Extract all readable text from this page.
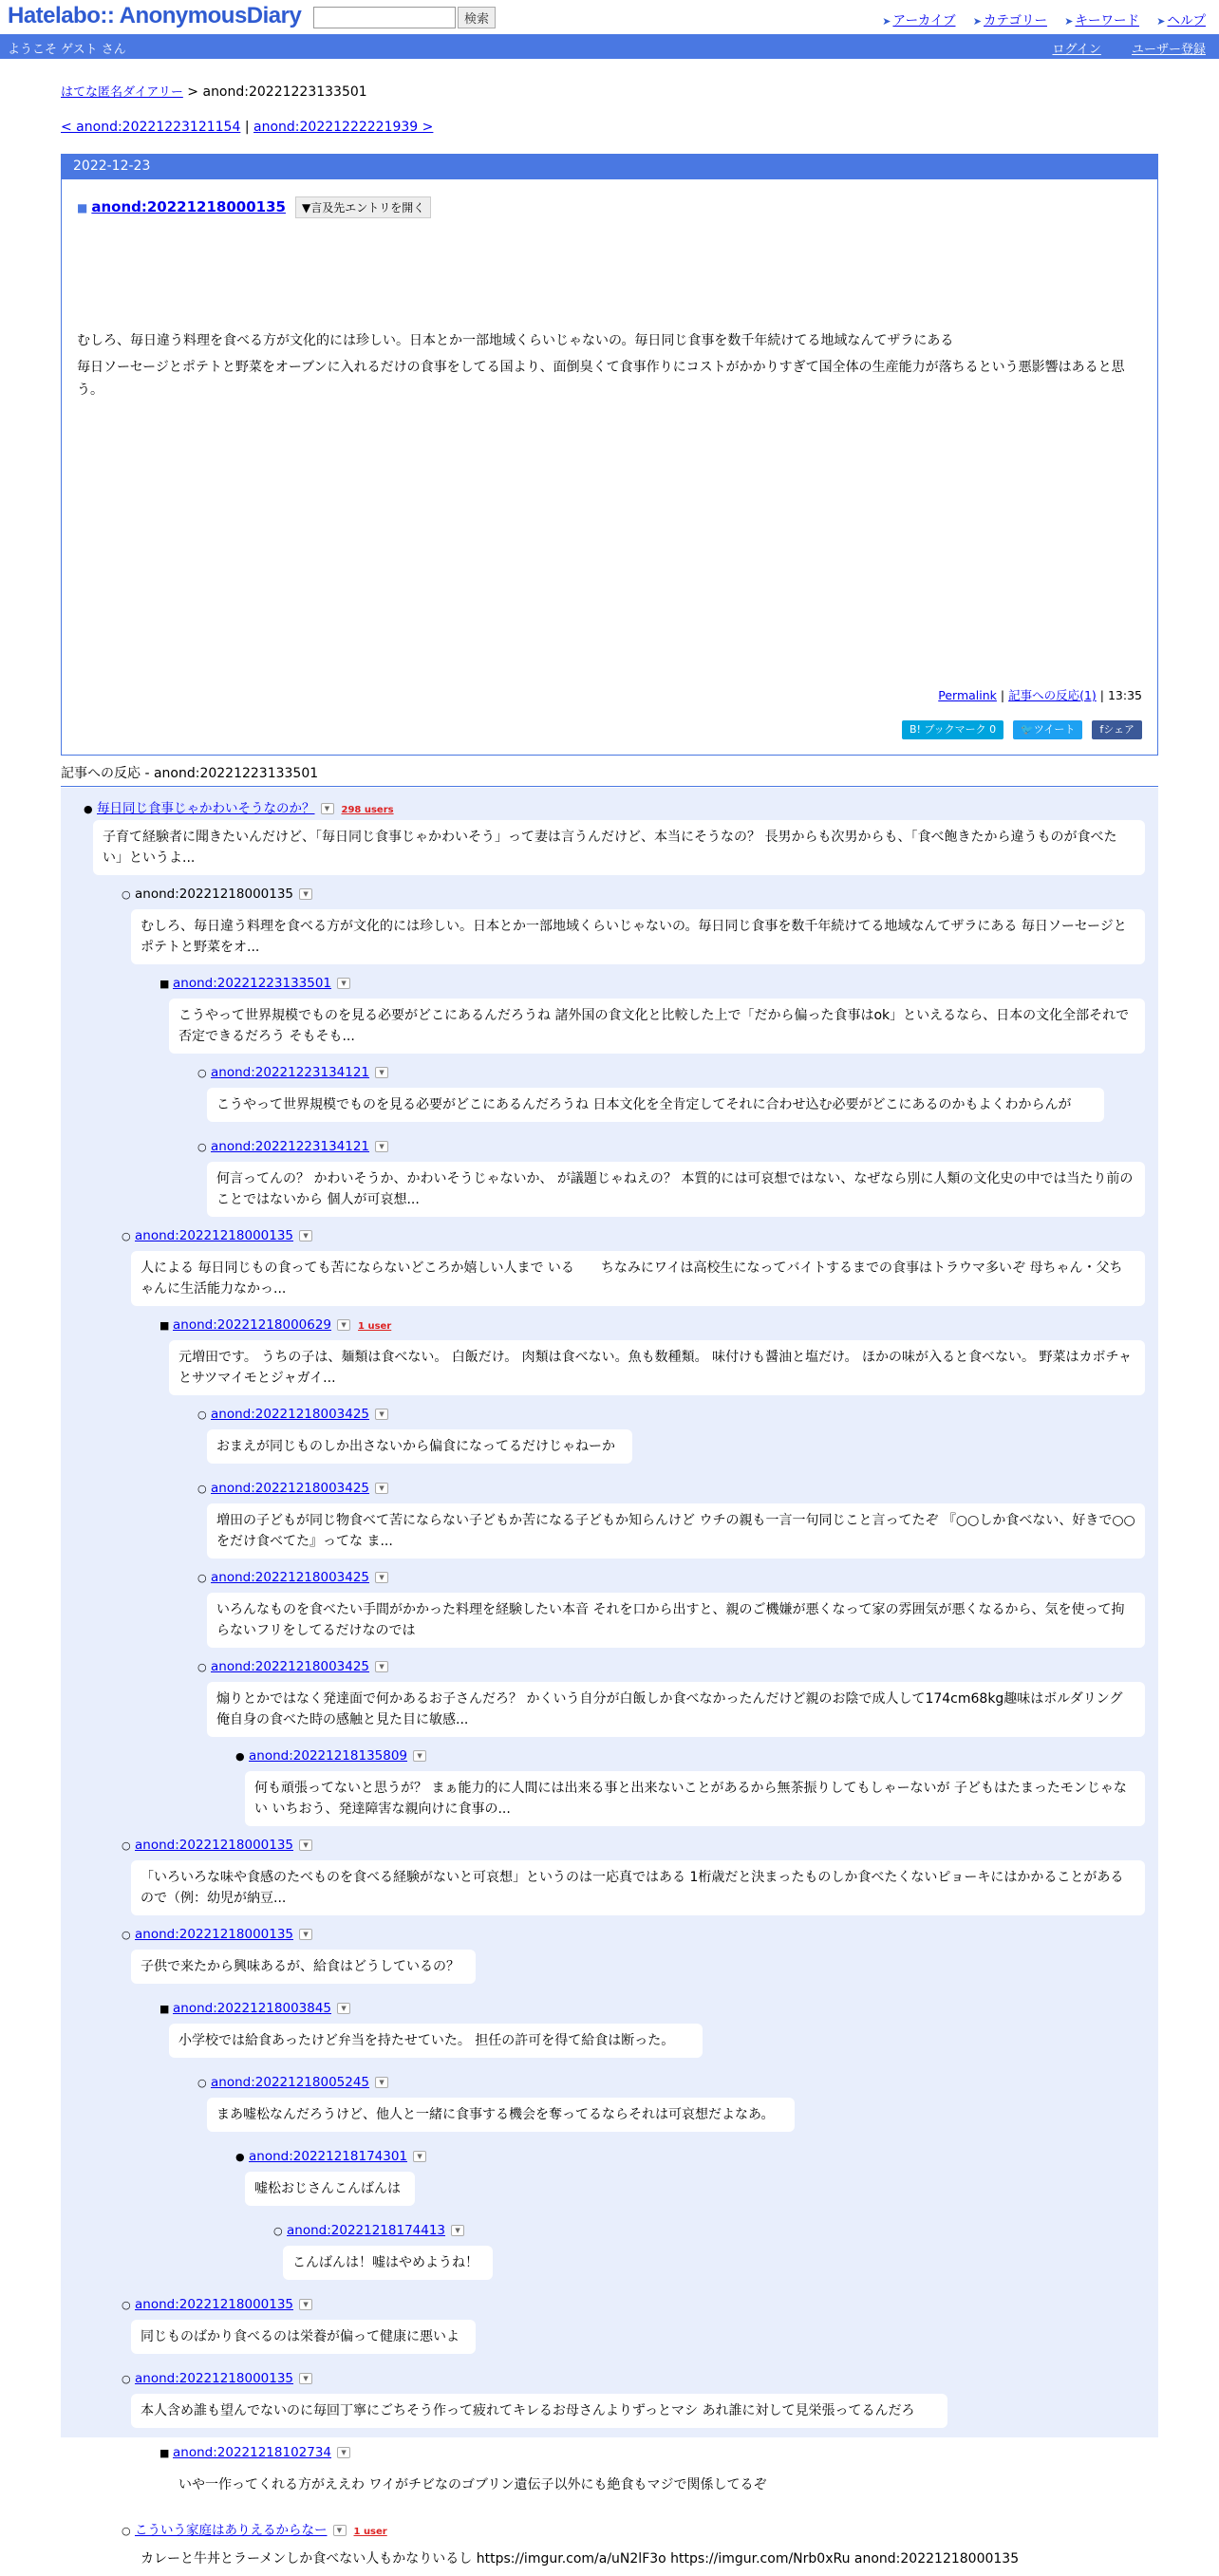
Hatelabo:: AnonymousDiary	検索	➤ アーカイブ ➤ カテゴリー ➤ キーワード ➤ ヘルプ
ようこそ ゲスト さん	ログイン ユーザー登録
はてな匿名ダイアリー > anond:20221223133501
< anond:20221223121154 | anond:20221222221939 >
2022-12-23
■ anond:20221218000135 ▼言及先エントリを開く

むしろ、毎日違う料理を食べる方が文化的には珍しい。日本とか一部地域くらいじゃないの。毎日同じ食事を数千年続けてる地域なんてザラにある

毎日ソーセージとポテトと野菜をオーブンに入れるだけの食事をしてる国より、面倒臭くて食事作りにコストがかかりすぎて国全体の生産能力が落ちるという悪影響はあると思う。

Permalink | 記事への反応(1) | 13:35
B! ブックマーク 0 🐦ツイート fシェア
記事への反応 - anond:20221223133501
● 毎日同じ食事じゃかわいそうなのか？ ▼ 298 users
子育て経験者に聞きたいんだけど、「毎日同じ食事じゃかわいそう」って妻は言うんだけど、本当にそうなの？ 長男からも次男からも、「食べ飽きたから違うものが食べたい」というよ...
○ anond:20221218000135 ▼
むしろ、毎日違う料理を食べる方が文化的には珍しい。日本とか一部地域くらいじゃないの。毎日同じ食事を数千年続けてる地域なんてザラにある 毎日ソーセージとポテトと野菜をオ...
■ anond:20221223133501 ▼
こうやって世界規模でものを見る必要がどこにあるんだろうね 諸外国の食文化と比較した上で「だから偏った食事はok」といえるなら、日本の文化全部それで否定できるだろう そもそも...
○ anond:20221223134121 ▼
こうやって世界規模でものを見る必要がどこにあるんだろうね 日本文化を全肯定してそれに合わせ込む必要がどこにあるのかもよくわからんが
○ anond:20221223134121 ▼
何言ってんの？ かわいそうか、かわいそうじゃないか、 が議題じゃねえの？ 本質的には可哀想ではない、なぜなら別に人類の文化史の中では当たり前のことではないから 個人が可哀想...
○ anond:20221218000135 ▼
人による 毎日同じもの食っても苦にならないどころか嬉しい人まで いる　　ちなみにワイは高校生になってバイトするまでの食事はトラウマ多いぞ 母ちゃん・父ちゃんに生活能力なかっ...
■ anond:20221218000629 ▼ 1 user
元増田です。 うちの子は、麺類は食べない。 白飯だけ。 肉類は食べない。魚も数種類。 味付けも醤油と塩だけ。 ほかの味が入ると食べない。 野菜はカボチャとサツマイモとジャガイ...
○ anond:20221218003425 ▼
おまえが同じものしか出さないから偏食になってるだけじゃねーか
○ anond:20221218003425 ▼
増田の子どもが同じ物食べて苦にならない子どもか苦になる子どもか知らんけど ウチの親も一言一句同じこと言ってたぞ 『○○しか食べない、好きで○○をだけ食べてた』ってな ま...
○ anond:20221218003425 ▼
いろんなものを食べたい手間がかかった料理を経験したい本音 それを口から出すと、親のご機嫌が悪くなって家の雰囲気が悪くなるから、気を使って拘らないフリをしてるだけなのでは
○ anond:20221218003425 ▼
煽りとかではなく発達面で何かあるお子さんだろ？ かくいう自分が白飯しか食べなかったんだけど親のお陰で成人して174cm68kg趣味はボルダリング 俺自身の食べた時の感触と見た目に敏感...
● anond:20221218135809 ▼
何も頑張ってないと思うが？ まぁ能力的に人間には出来る事と出来ないことがあるから無茶振りしてもしゃーないが 子どもはたまったモンじゃない いちおう、発達障害な親向けに食事の...
○ anond:20221218000135 ▼
「いろいろな味や食感のたべものを食べる経験がないと可哀想」というのは一応真ではある 1桁歳だと決まったものしか食べたくないピョーキにはかかることがあるので（例：幼児が納豆...
○ anond:20221218000135 ▼
子供で来たから興味あるが、給食はどうしているの？
■ anond:20221218003845 ▼
小学校では給食あったけど弁当を持たせていた。 担任の許可を得て給食は断った。
○ anond:20221218005245 ▼
まあ嘘松なんだろうけど、他人と一緒に食事する機会を奪ってるならそれは可哀想だよなあ。
● anond:20221218174301 ▼
嘘松おじさんこんばんは
○ anond:20221218174413 ▼
こんばんは！嘘はやめようね！
○ anond:20221218000135 ▼
同じものばかり食べるのは栄養が偏って健康に悪いよ
○ anond:20221218000135 ▼
本人含め誰も望んでないのに毎回丁寧にごちそう作って疲れてキレるお母さんよりずっとマシ あれ誰に対して見栄張ってるんだろ
■ anond:20221218102734 ▼
いや一作ってくれる方がええわ ワイがチビなのゴブリン遺伝子以外にも絶食もマジで関係してるぞ
○ こういう家庭はありえるからなー ▼ 1 user
カレーと牛丼とラーメンしか食べない人もかなりいるし https://imgur.com/a/uN2lF3o https://imgur.com/Nrb0xRu anond:20221218000135
